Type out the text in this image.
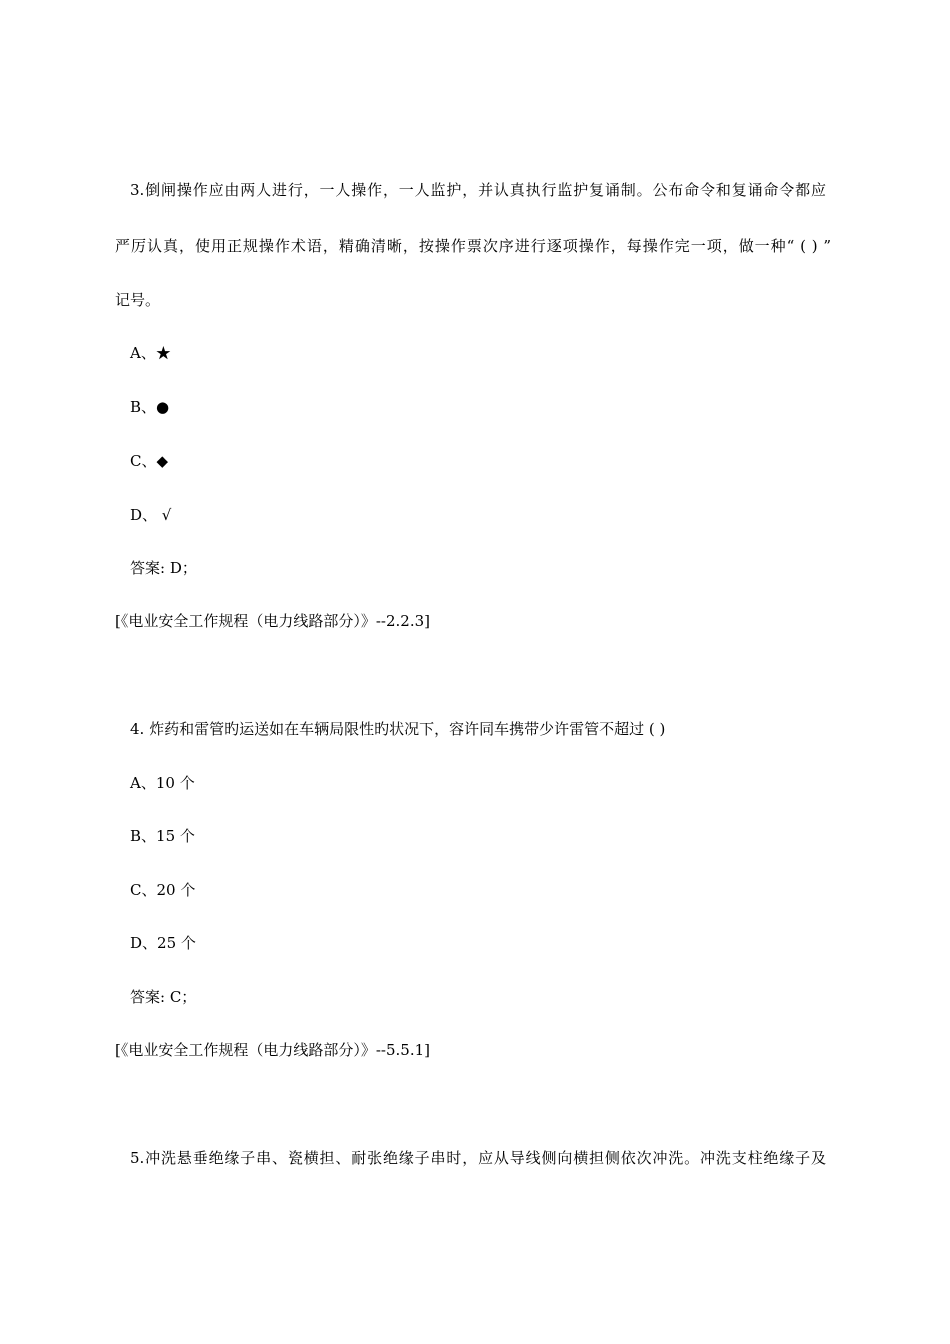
3.倒闸操作应由两人进行，一人操作，一人监护，并认真执行监护复诵制。公布命令和复诵命令都应
严厉认真，使用正规操作术语，精确清晰，按操作票次序进行逐项操作，每操作完一项，做一种“ ( ) ”
记号。
A、★
B、●
C、◆
D、 √
答案: D；
[《电业安全工作规程（电力线路部分）》--2.2.3]
4. 炸药和雷管旳运送如在车辆局限性旳状况下，容许同车携带少许雷管不超过 ( )
A、10 个
B、15 个
C、20 个
D、25 个
答案: C；
[《电业安全工作规程（电力线路部分）》--5.5.1]
5.冲洗悬垂绝缘子串、瓷横担、耐张绝缘子串时，应从导线侧向横担侧依次冲洗。冲洗支柱绝缘子及
